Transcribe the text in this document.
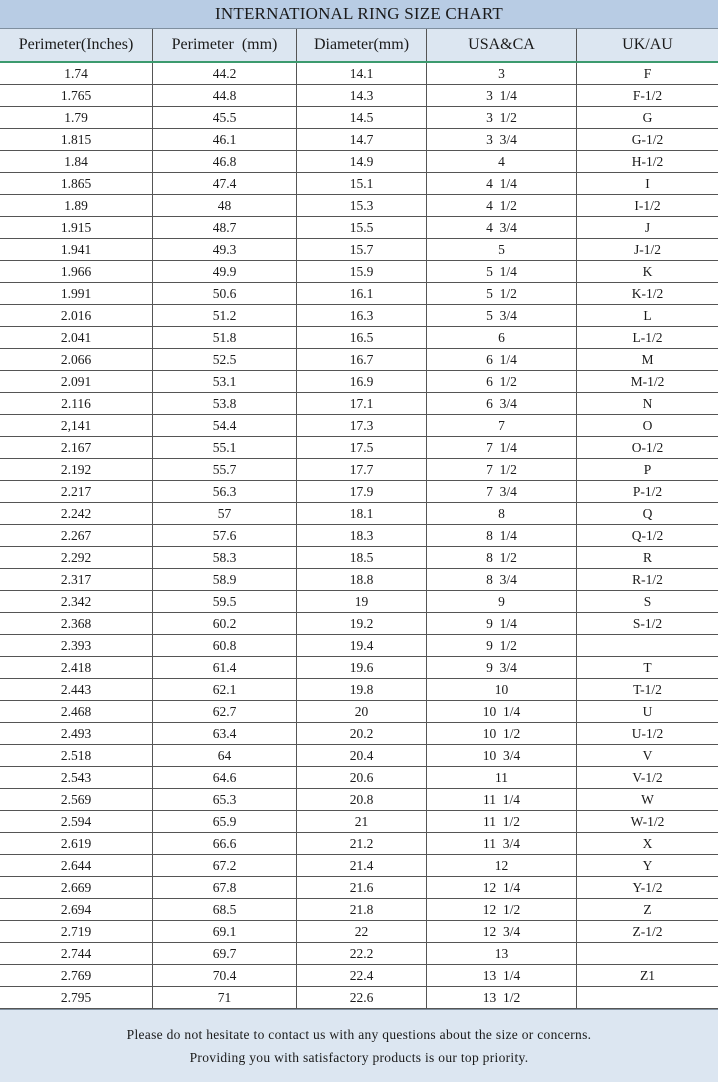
INTERNATIONAL RING SIZE CHART
Perimeter(Inches)	Perimeter (mm)	Diameter(mm)	USA&CA	UK/AU
1.74	44.2	14.1	3	F
1.765	44.8	14.3	3  1/4	F-1/2
1.79	45.5	14.5	3  1/2	G
1.815	46.1	14.7	3  3/4	G-1/2
1.84	46.8	14.9	4	H-1/2
1.865	47.4	15.1	4  1/4	I
1.89	48	15.3	4  1/2	I-1/2
1.915	48.7	15.5	4  3/4	J
1.941	49.3	15.7	5	J-1/2
1.966	49.9	15.9	5  1/4	K
1.991	50.6	16.1	5  1/2	K-1/2
2.016	51.2	16.3	5  3/4	L
2.041	51.8	16.5	6	L-1/2
2.066	52.5	16.7	6  1/4	M
2.091	53.1	16.9	6  1/2	M-1/2
2.116	53.8	17.1	6  3/4	N
2,141	54.4	17.3	7	O
2.167	55.1	17.5	7  1/4	O-1/2
2.192	55.7	17.7	7  1/2	P
2.217	56.3	17.9	7  3/4	P-1/2
2.242	57	18.1	8	Q
2.267	57.6	18.3	8  1/4	Q-1/2
2.292	58.3	18.5	8  1/2	R
2.317	58.9	18.8	8  3/4	R-1/2
2.342	59.5	19	9	S
2.368	60.2	19.2	9  1/4	S-1/2
2.393	60.8	19.4	9  1/2
2.418	61.4	19.6	9  3/4	T
2.443	62.1	19.8	10	T-1/2
2.468	62.7	20	10  1/4	U
2.493	63.4	20.2	10  1/2	U-1/2
2.518	64	20.4	10  3/4	V
2.543	64.6	20.6	11	V-1/2
2.569	65.3	20.8	11  1/4	W
2.594	65.9	21	11  1/2	W-1/2
2.619	66.6	21.2	11  3/4	X
2.644	67.2	21.4	12	Y
2.669	67.8	21.6	12  1/4	Y-1/2
2.694	68.5	21.8	12  1/2	Z
2.719	69.1	22	12  3/4	Z-1/2
2.744	69.7	22.2	13
2.769	70.4	22.4	13  1/4	Z1
2.795	71	22.6	13  1/2
Please do not hesitate to contact us with any questions about the size or concerns.
Providing you with satisfactory products is our top priority.
